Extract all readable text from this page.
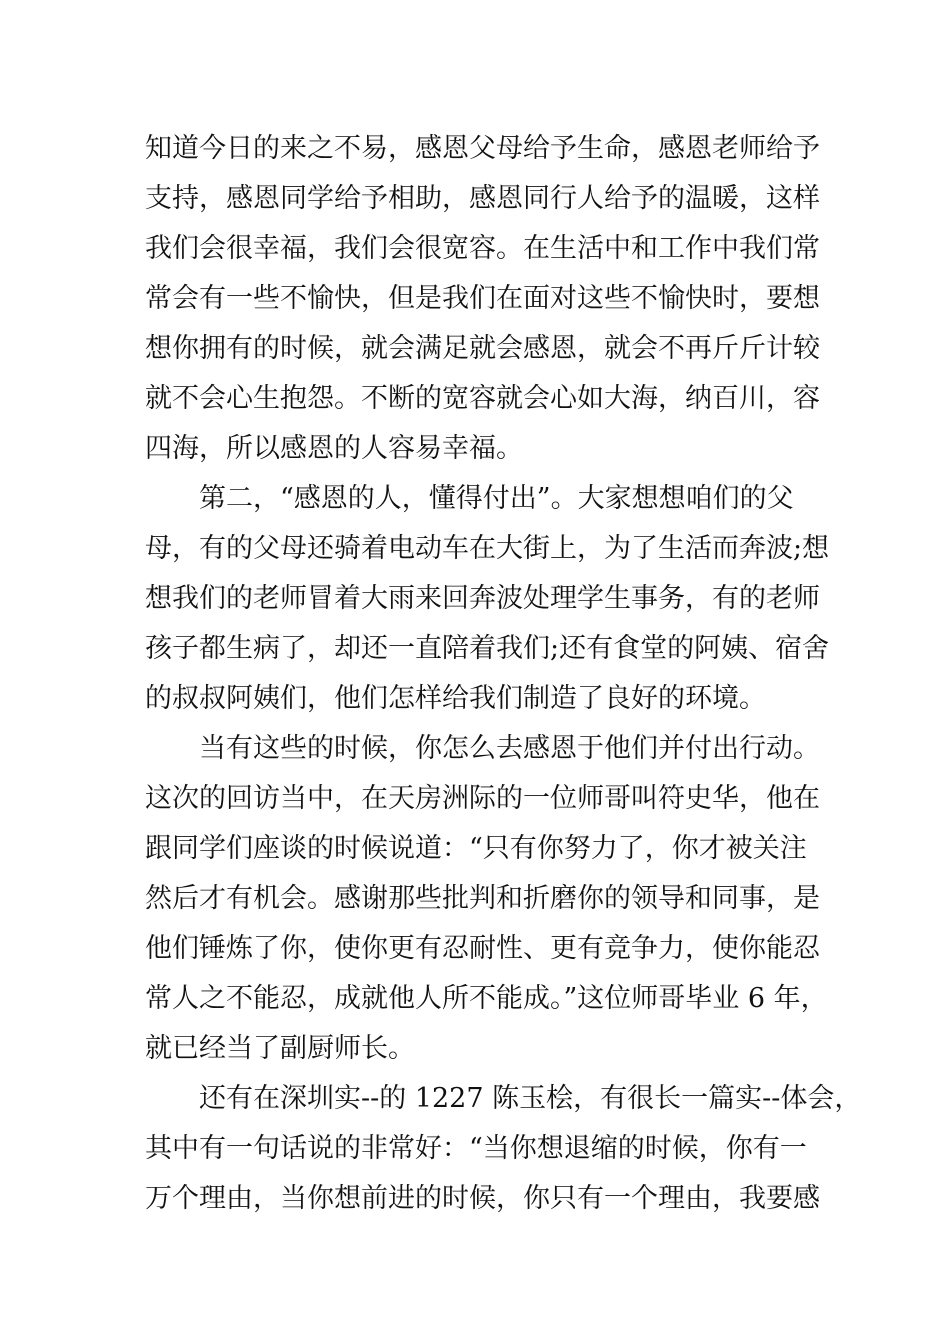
知道今日的来之不易，感恩父母给予生命，感恩老师给予
支持，感恩同学给予相助，感恩同行人给予的温暖，这样
我们会很幸福，我们会很宽容。在生活中和工作中我们常
常会有一些不愉快，但是我们在面对这些不愉快时，要想
想你拥有的时候，就会满足就会感恩，就会不再斤斤计较
就不会心生抱怨。不断的宽容就会心如大海，纳百川，容
四海，所以感恩的人容易幸福。
第二，“感恩的人，懂得付出”。大家想想咱们的父
母，有的父母还骑着电动车在大街上，为了生活而奔波;想
想我们的老师冒着大雨来回奔波处理学生事务，有的老师
孩子都生病了，却还一直陪着我们;还有食堂的阿姨、宿舍
的叔叔阿姨们，他们怎样给我们制造了良好的环境。
当有这些的时候，你怎么去感恩于他们并付出行动。
这次的回访当中，在天房洲际的一位师哥叫符史华，他在
跟同学们座谈的时候说道：“只有你努力了，你才被关注
然后才有机会。感谢那些批判和折磨你的领导和同事，是
他们锤炼了你，使你更有忍耐性、更有竞争力，使你能忍
常人之不能忍，成就他人所不能成。”这位师哥毕业 6 年，
就已经当了副厨师长。
还有在深圳实--的 1227 陈玉桧，有很长一篇实--体会，
其中有一句话说的非常好：“当你想退缩的时候，你有一
万个理由，当你想前进的时候，你只有一个理由，我要感
